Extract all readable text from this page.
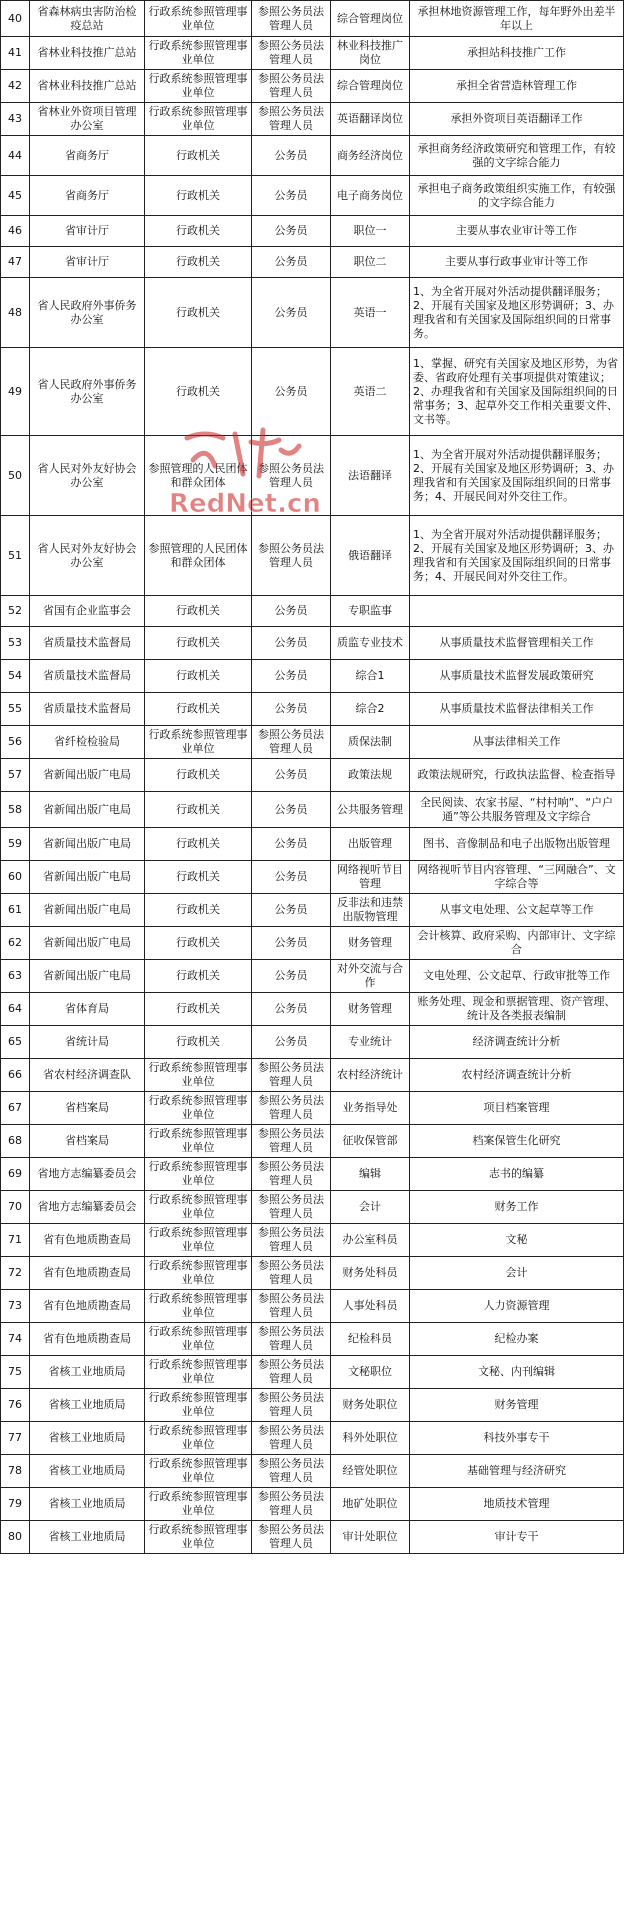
40	省森林病虫害防治检疫总站	行政系统参照管理事业单位	参照公务员法管理人员	综合管理岗位	承担林地资源管理工作，每年野外出差半年以上
41	省林业科技推广总站	行政系统参照管理事业单位	参照公务员法管理人员	林业科技推广岗位	承担站科技推广工作
42	省林业科技推广总站	行政系统参照管理事业单位	参照公务员法管理人员	综合管理岗位	承担全省营造林管理工作
43	省林业外资项目管理办公室	行政系统参照管理事业单位	参照公务员法管理人员	英语翻译岗位	承担外资项目英语翻译工作
44	省商务厅	行政机关	公务员	商务经济岗位	承担商务经济政策研究和管理工作，有较强的文字综合能力
45	省商务厅	行政机关	公务员	电子商务岗位	承担电子商务政策组织实施工作，有较强的文字综合能力
46	省审计厅	行政机关	公务员	职位一	主要从事农业审计等工作
47	省审计厅	行政机关	公务员	职位二	主要从事行政事业审计等工作
48	省人民政府外事侨务办公室	行政机关	公务员	英语一	1、为全省开展对外活动提供翻译服务；2、开展有关国家及地区形势调研；3、办理我省和有关国家及国际组织间的日常事务。
49	省人民政府外事侨务办公室	行政机关	公务员	英语二	1、掌握、研究有关国家及地区形势，为省委、省政府处理有关事项提供对策建议；2、办理我省和有关国家及国际组织间的日常事务；3、起草外交工作相关重要文件、文书等。
50	省人民对外友好协会办公室	参照管理的人民团体和群众团体	参照公务员法管理人员	法语翻译	1、为全省开展对外活动提供翻译服务；2、开展有关国家及地区形势调研；3、办理我省和有关国家及国际组织间的日常事务；4、开展民间对外交往工作。
51	省人民对外友好协会办公室	参照管理的人民团体和群众团体	参照公务员法管理人员	俄语翻译	1、为全省开展对外活动提供翻译服务；2、开展有关国家及地区形势调研；3、办理我省和有关国家及国际组织间的日常事务；4、开展民间对外交往工作。
52	省国有企业监事会	行政机关	公务员	专职监事	
53	省质量技术监督局	行政机关	公务员	质监专业技术	从事质量技术监督管理相关工作
54	省质量技术监督局	行政机关	公务员	综合1	从事质量技术监督发展政策研究
55	省质量技术监督局	行政机关	公务员	综合2	从事质量技术监督法律相关工作
56	省纤检检验局	行政系统参照管理事业单位	参照公务员法管理人员	质保法制	从事法律相关工作
57	省新闻出版广电局	行政机关	公务员	政策法规	政策法规研究，行政执法监督、检查指导
58	省新闻出版广电局	行政机关	公务员	公共服务管理	全民阅读、农家书屋、“村村响”、“户户通”等公共服务管理及文字综合
59	省新闻出版广电局	行政机关	公务员	出版管理	图书、音像制品和电子出版物出版管理
60	省新闻出版广电局	行政机关	公务员	网络视听节目管理	网络视听节目内容管理、“三网融合”、文字综合等
61	省新闻出版广电局	行政机关	公务员	反非法和违禁出版物管理	从事文电处理、公文起草等工作
62	省新闻出版广电局	行政机关	公务员	财务管理	会计核算、政府采购、内部审计、文字综合
63	省新闻出版广电局	行政机关	公务员	对外交流与合作	文电处理、公文起草、行政审批等工作
64	省体育局	行政机关	公务员	财务管理	账务处理、现金和票据管理、资产管理、统计及各类报表编制
65	省统计局	行政机关	公务员	专业统计	经济调查统计分析
66	省农村经济调查队	行政系统参照管理事业单位	参照公务员法管理人员	农村经济统计	农村经济调查统计分析
67	省档案局	行政系统参照管理事业单位	参照公务员法管理人员	业务指导处	项目档案管理
68	省档案局	行政系统参照管理事业单位	参照公务员法管理人员	征收保管部	档案保管生化研究
69	省地方志编纂委员会	行政系统参照管理事业单位	参照公务员法管理人员	编辑	志书的编纂
70	省地方志编纂委员会	行政系统参照管理事业单位	参照公务员法管理人员	会计	财务工作
71	省有色地质勘查局	行政系统参照管理事业单位	参照公务员法管理人员	办公室科员	文秘
72	省有色地质勘查局	行政系统参照管理事业单位	参照公务员法管理人员	财务处科员	会计
73	省有色地质勘查局	行政系统参照管理事业单位	参照公务员法管理人员	人事处科员	人力资源管理
74	省有色地质勘查局	行政系统参照管理事业单位	参照公务员法管理人员	纪检科员	纪检办案
75	省核工业地质局	行政系统参照管理事业单位	参照公务员法管理人员	文秘职位	文秘、内刊编辑
76	省核工业地质局	行政系统参照管理事业单位	参照公务员法管理人员	财务处职位	财务管理
77	省核工业地质局	行政系统参照管理事业单位	参照公务员法管理人员	科外处职位	科技外事专干
78	省核工业地质局	行政系统参照管理事业单位	参照公务员法管理人员	经管处职位	基础管理与经济研究
79	省核工业地质局	行政系统参照管理事业单位	参照公务员法管理人员	地矿处职位	地质技术管理
80	省核工业地质局	行政系统参照管理事业单位	参照公务员法管理人员	审计处职位	审计专干
RedNet.cn
